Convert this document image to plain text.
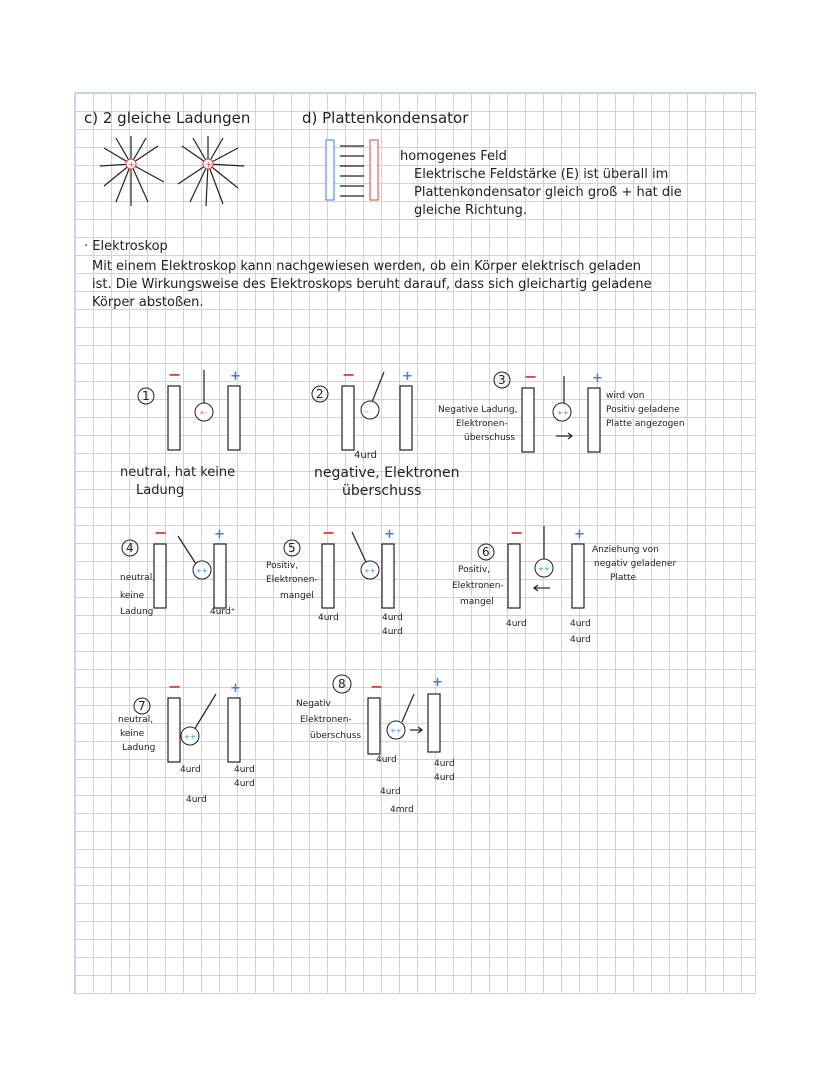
c) 2 gleiche Ladungen	d) Plattenkondensator
+	+
homogenes Feld
Elektrische Feldstärke (E) ist überall im
Plattenkondensator gleich groß + hat die
gleiche Richtung.
· Elektroskop
Mit einem Elektroskop kann nachgewiesen werden, ob ein Körper elektrisch geladen
ist. Die Wirkungsweise des Elektroskops beruht darauf, dass sich gleichartig geladene
Körper abstoßen.
1
−
+-
+
neutral, hat keine
Ladung
2
−
--
+
4urd
negative, Elektronen
überschuss
3 −
++
+
Negative Ladung,
Elektronen-
überschuss
wird von
Positiv geladene
Platte angezogen
4
−
++
+
neutral,
keine
Ladung	4urd⁺
5
−
++
+
Positiv,
Elektronen-
mangel
4urd	4urd
4urd
6
−
++
+
Positiv,
Elektronen-
mangel
Anziehung von
negativ geladener
Platte
4urd	4urd
4urd
7
−
++
+
neutral,
keine
Ladung
4urd	4urd
4urd
4urd
8 −
++
+
Negativ
Elektronen-
überschuss
4urd	4urd
4urd
4urd
4mrd
